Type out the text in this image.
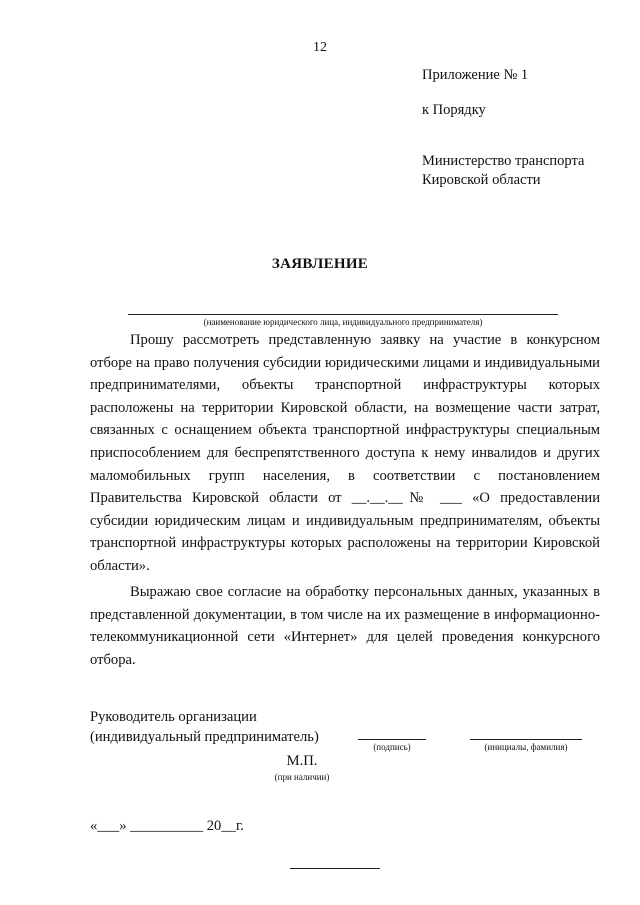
12
Приложение № 1
к Порядку
Министерство транспорта
Кировской области
ЗАЯВЛЕНИЕ
(наименование юридического лица, индивидуального предпринимателя)

Прошу рассмотреть представленную заявку на участие в конкурсном отборе на право получения субсидии юридическими лицами и индивидуальными предпринимателями, объекты транспортной инфраструктуры которых расположены на территории Кировской области, на возмещение части затрат, связанных с оснащением объекта транспортной инфраструктуры специальным приспособлением для беспрепятственного доступа к нему инвалидов и других маломобильных групп населения, в соответствии с постановлением Правительства Кировской области от __.__.__№ ___ «О предоставлении субсидии юридическим лицам и индивидуальным предпринимателям, объекты транспортной инфраструктуры которых расположены на территории Кировской области».

Выражаю свое согласие на обработку персональных данных, указанных в представленной документации, в том числе на их размещение в информационно-телекоммуникационной сети «Интернет» для целей проведения конкурсного отбора.

Руководитель организации
(индивидуальный предприниматель)
(подпись)	(инициалы, фамилия)
М.П.
(при наличии)
«___» __________ 20__г.
